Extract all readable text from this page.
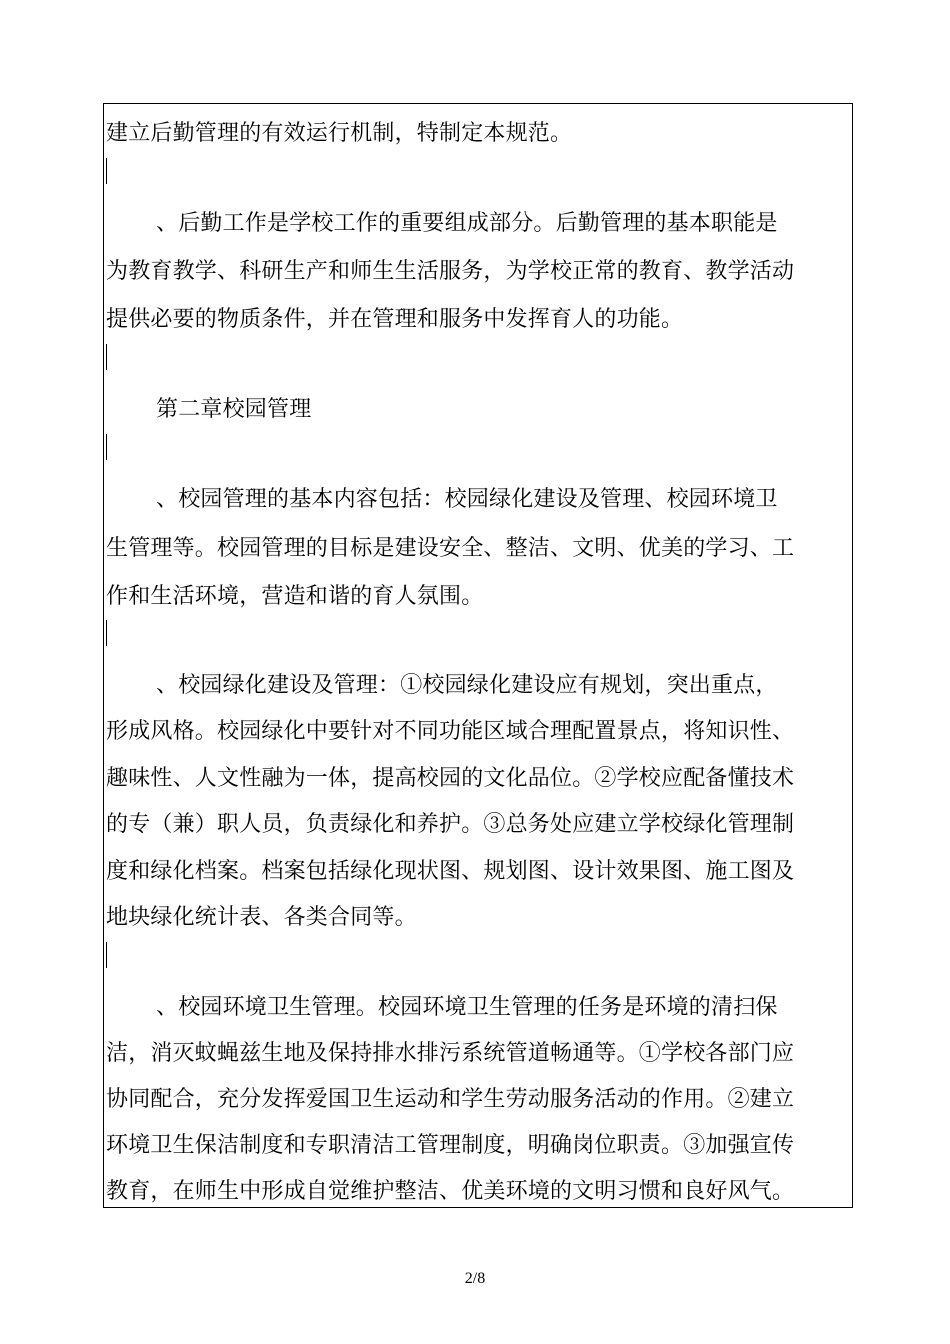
建立后勤管理的有效运行机制，特制定本规范。
、后勤工作是学校工作的重要组成部分。后勤管理的基本职能是
为教育教学、科研生产和师生生活服务，为学校正常的教育、教学活动
提供必要的物质条件，并在管理和服务中发挥育人的功能。
第二章校园管理
、校园管理的基本内容包括：校园绿化建设及管理、校园环境卫
生管理等。校园管理的目标是建设安全、整洁、文明、优美的学习、工
作和生活环境，营造和谐的育人氛围。
、校园绿化建设及管理：①校园绿化建设应有规划，突出重点，
形成风格。校园绿化中要针对不同功能区域合理配置景点，将知识性、
趣味性、人文性融为一体，提高校园的文化品位。②学校应配备懂技术
的专（兼）职人员，负责绿化和养护。③总务处应建立学校绿化管理制
度和绿化档案。档案包括绿化现状图、规划图、设计效果图、施工图及
地块绿化统计表、各类合同等。
、校园环境卫生管理。校园环境卫生管理的任务是环境的清扫保
洁，消灭蚊蝇兹生地及保持排水排污系统管道畅通等。①学校各部门应
协同配合，充分发挥爱国卫生运动和学生劳动服务活动的作用。②建立
环境卫生保洁制度和专职清洁工管理制度，明确岗位职责。③加强宣传
教育，在师生中形成自觉维护整洁、优美环境的文明习惯和良好风气。
2/8
